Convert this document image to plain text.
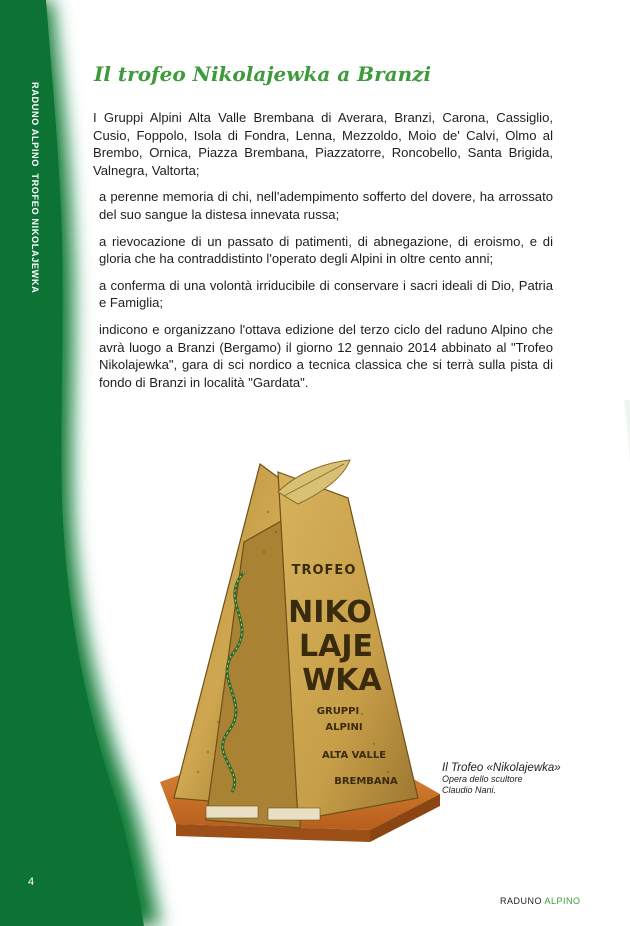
RADUNO ALPINO  TROFEO NIKOLAJEWKA
Il trofeo Nikolajewka a Branzi

I Gruppi Alpini Alta Valle Brembana di Averara, Branzi, Carona, Cassiglio, Cusio, Foppolo, Isola di Fondra, Lenna, Mezzoldo, Moio de' Calvi, Olmo al Brembo, Ornica, Piazza Brembana, Piazzatorre, Roncobello, Santa Brigida, Valnegra, Valtorta;

a perenne memoria di chi, nell'adempimento sofferto del dovere, ha arrossato del suo sangue la distesa innevata russa;

a rievocazione di un passato di patimenti, di abnegazione, di eroismo, e di gloria che ha contraddistinto l'operato degli Alpini in oltre cento anni;

a conferma di una volontà irriducibile di conservare i sacri ideali di Dio, Patria e Famiglia;

indicono e organizzano l'ottava edizione del terzo ciclo del raduno Alpino che avrà luogo a Branzi (Bergamo) il giorno 12 gennaio 2014 abbinato al "Trofeo Nikolajewka", gara di sci nordico a tecnica classica che si terrà sulla pista di fondo di Branzi in località "Gardata".

TROFEO
NIKO
LAJE
WKA
GRUPPI
ALPINI
ALTA VALLE
BREMBANA
Il Trofeo «Nikolajewka»
Opera dello scultore
Claudio Nani.
4
RADUNO ALPINO
